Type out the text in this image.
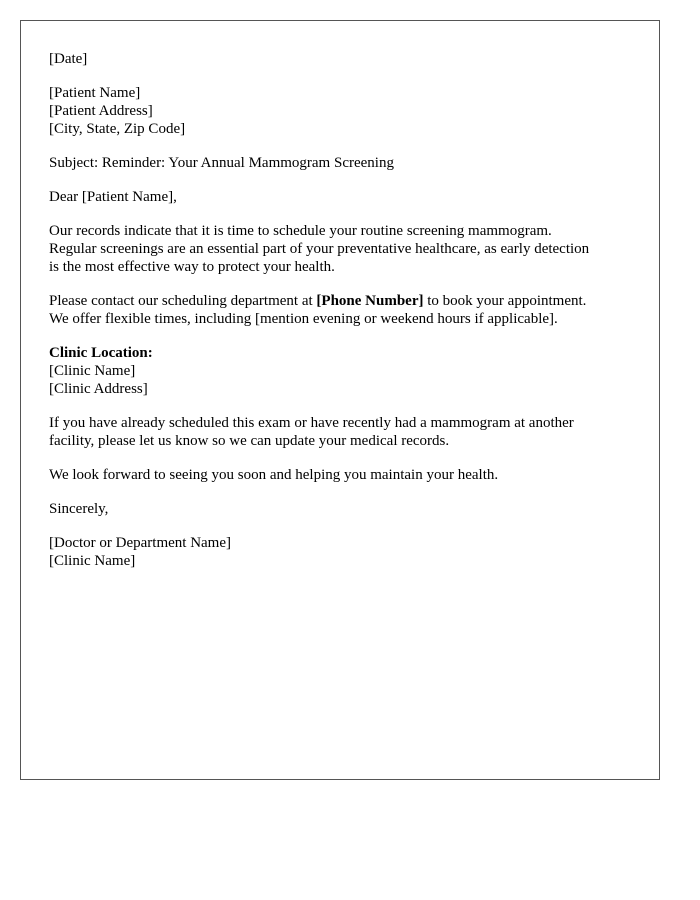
[Date]

[Patient Name]
[Patient Address]
[City, State, Zip Code]

Subject: Reminder: Your Annual Mammogram Screening

Dear [Patient Name],

Our records indicate that it is time to schedule your routine screening mammogram.
Regular screenings are an essential part of your preventative healthcare, as early detection
is the most effective way to protect your health.

Please contact our scheduling department at [Phone Number] to book your appointment.
We offer flexible times, including [mention evening or weekend hours if applicable].

Clinic Location:
[Clinic Name]
[Clinic Address]

If you have already scheduled this exam or have recently had a mammogram at another
facility, please let us know so we can update your medical records.

We look forward to seeing you soon and helping you maintain your health.

Sincerely,

[Doctor or Department Name]
[Clinic Name]
